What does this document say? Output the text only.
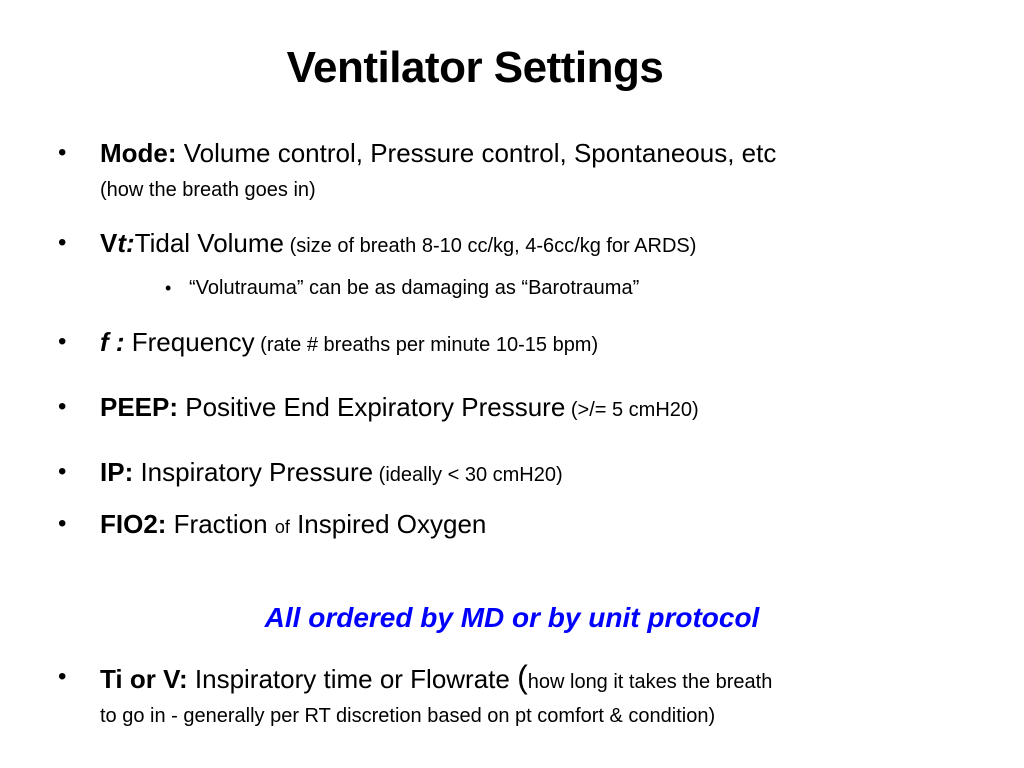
Ventilator Settings
• Mode: Volume control, Pressure control, Spontaneous, etc
(how the breath goes in)
• Vt:Tidal Volume (size of breath 8-10 cc/kg, 4-6cc/kg for ARDS)
• “Volutrauma” can be as damaging as “Barotrauma”
• f : Frequency (rate # breaths per minute 10-15 bpm)
• PEEP: Positive End Expiratory Pressure (>/= 5 cmH20)
• IP: Inspiratory Pressure (ideally < 30 cmH20)
• FIO2: Fraction of Inspired Oxygen
All ordered by MD or by unit protocol
• Ti or V: Inspiratory time or Flowrate (how long it takes the breath
to go in - generally per RT discretion based on pt comfort & condition)
